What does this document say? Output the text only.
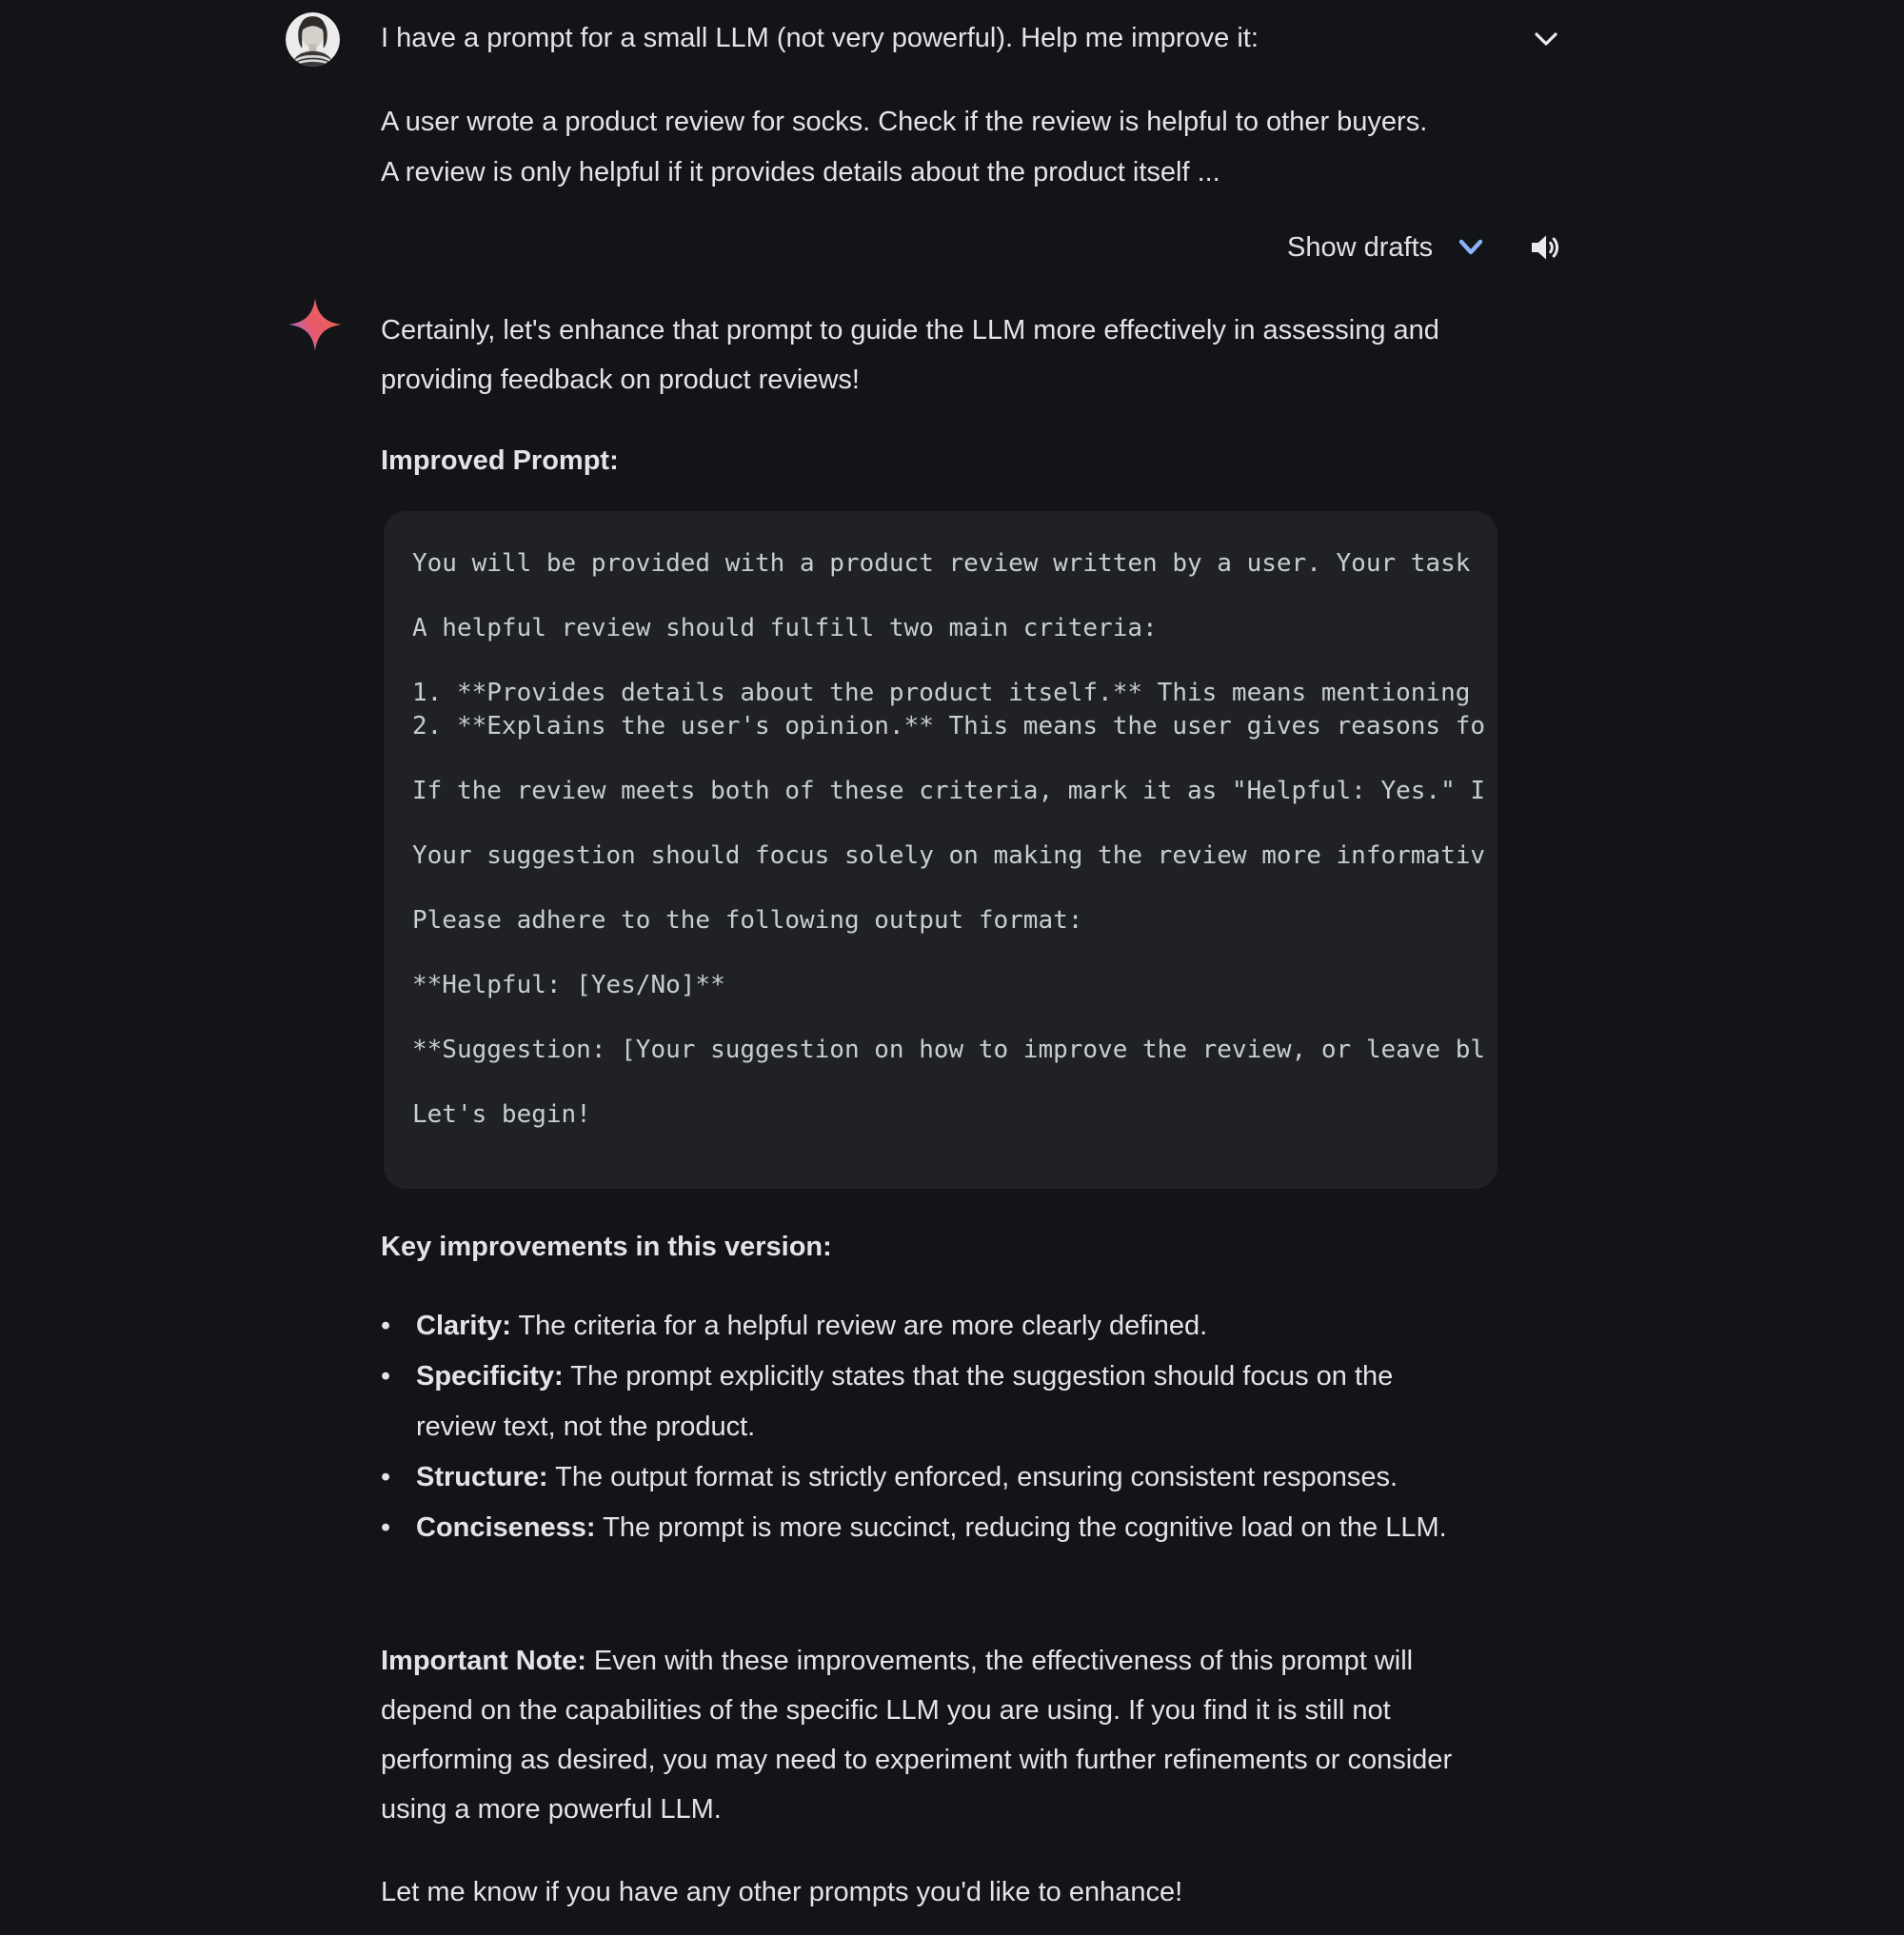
I have a prompt for a small LLM (not very powerful). Help me improve it:
A user wrote a product review for socks. Check if the review is helpful to other buyers. A review is only helpful if it provides details about the product itself ...
Show drafts
Certainly, let's enhance that prompt to guide the LLM more effectively in assessing and providing feedback on product reviews!
Improved Prompt:
You will be provided with a product review written by a user. Your task
A helpful review should fulfill two main criteria:
1. **Provides details about the product itself.** This means mentioning
2. **Explains the user's opinion.** This means the user gives reasons fo
If the review meets both of these criteria, mark it as "Helpful: Yes." I
Your suggestion should focus solely on making the review more informativ
Please adhere to the following output format:
**Helpful: [Yes/No]**
**Suggestion: [Your suggestion on how to improve the review, or leave bl
Let's begin!
Key improvements in this version:
• Clarity: The criteria for a helpful review are more clearly defined.
• Specificity: The prompt explicitly states that the suggestion should focus on the review text, not the product.
• Structure: The output format is strictly enforced, ensuring consistent responses.
• Conciseness: The prompt is more succinct, reducing the cognitive load on the LLM.
Important Note: Even with these improvements, the effectiveness of this prompt will depend on the capabilities of the specific LLM you are using. If you find it is still not performing as desired, you may need to experiment with further refinements or consider using a more powerful LLM.
Let me know if you have any other prompts you'd like to enhance!
